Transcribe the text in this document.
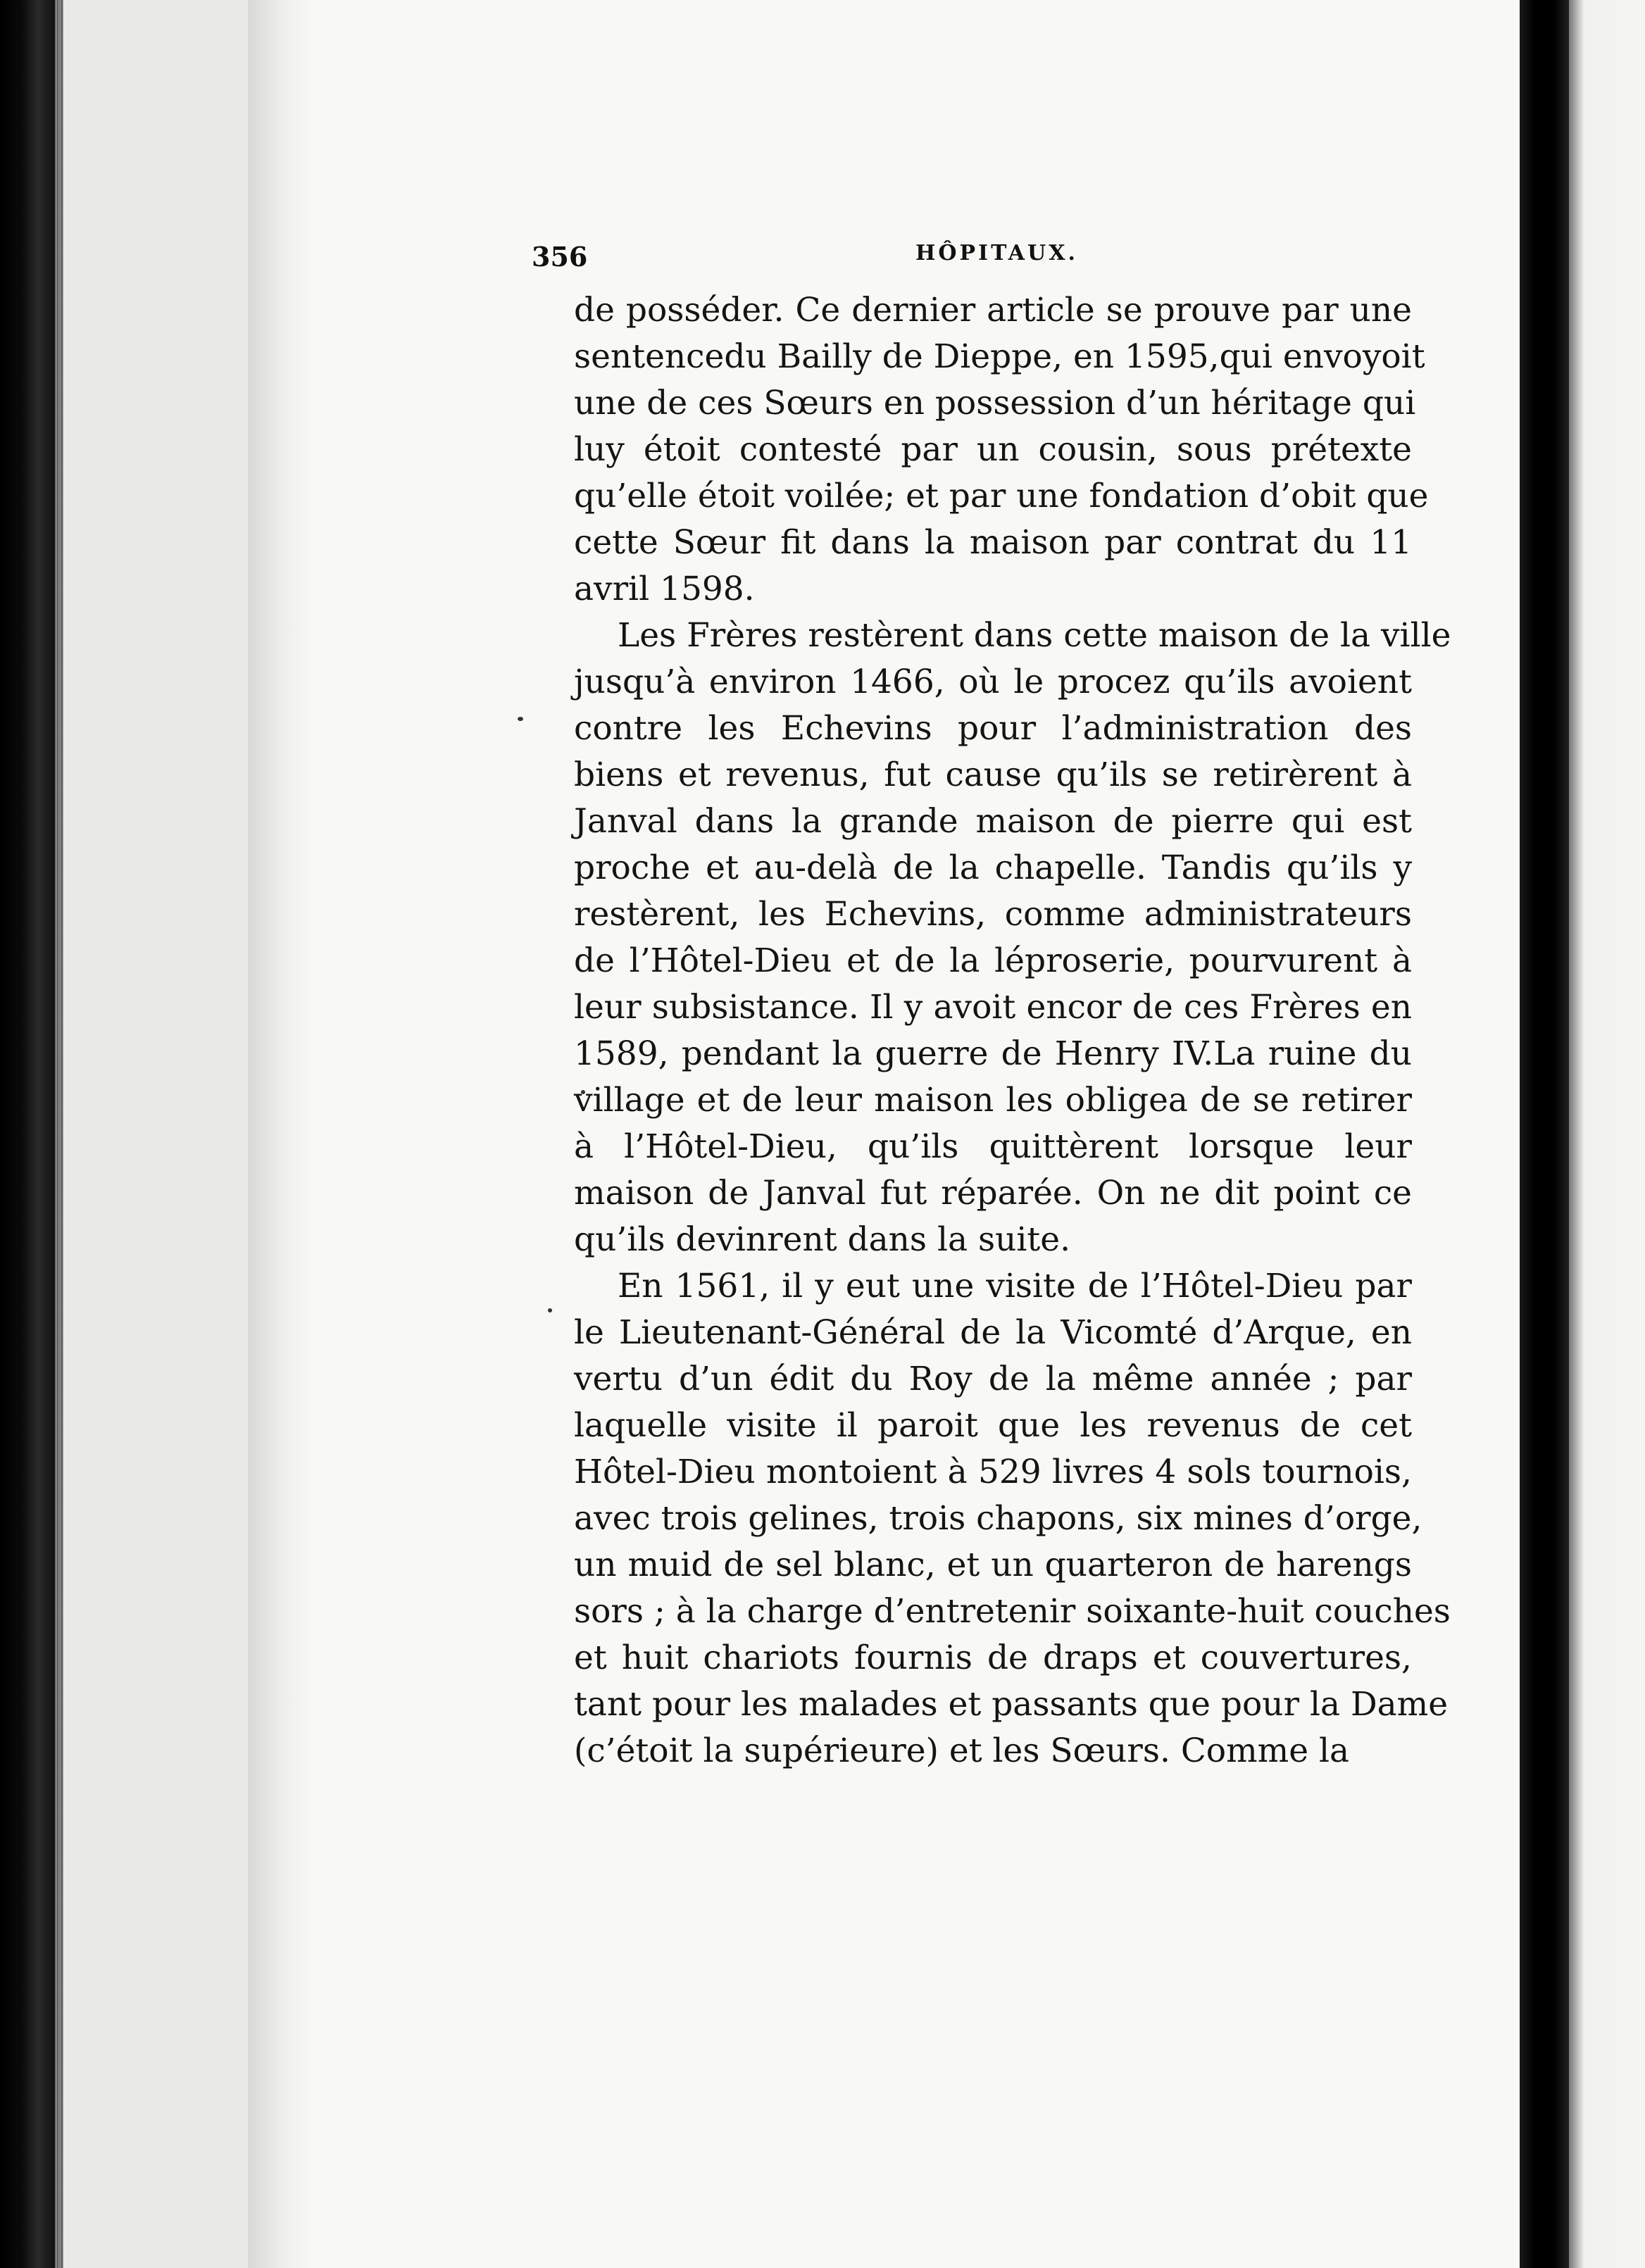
356	HÔPITAUX.
de posséder. Ce dernier article se prouve par une
sentencedu Bailly de Dieppe, en 1595,qui envoyoit
une de ces Sœurs en possession d’un héritage qui
luy étoit contesté par un cousin, sous prétexte
qu’elle étoit voilée; et par une fondation d’obit que
cette Sœur fit dans la maison par contrat du 11
avril 1598.
Les Frères restèrent dans cette maison de la ville
jusqu’à environ 1466, où le procez qu’ils avoient
contre les Echevins pour l’administration des
biens et revenus, fut cause qu’ils se retirèrent à
Janval dans la grande maison de pierre qui est
proche et au-delà de la chapelle. Tandis qu’ils y
restèrent, les Echevins, comme administrateurs
de l’Hôtel-Dieu et de la léproserie, pourvurent à
leur subsistance. Il y avoit encor de ces Frères en
1589, pendant la guerre de Henry IV.La ruine du
village et de leur maison les obligea de se retirer
à l’Hôtel-Dieu, qu’ils quittèrent lorsque leur
maison de Janval fut réparée. On ne dit point ce
qu’ils devinrent dans la suite.
En 1561, il y eut une visite de l’Hôtel-Dieu par
le Lieutenant-Général de la Vicomté d’Arque, en
vertu d’un édit du Roy de la même année ; par
laquelle visite il paroit que les revenus de cet
Hôtel-Dieu montoient à 529 livres 4 sols tournois,
avec trois gelines, trois chapons, six mines d’orge,
un muid de sel blanc, et un quarteron de harengs
sors ; à la charge d’entretenir soixante-huit couches
et huit chariots fournis de draps et couvertures,
tant pour les malades et passants que pour la Dame
(c’étoit la supérieure) et les Sœurs. Comme la
